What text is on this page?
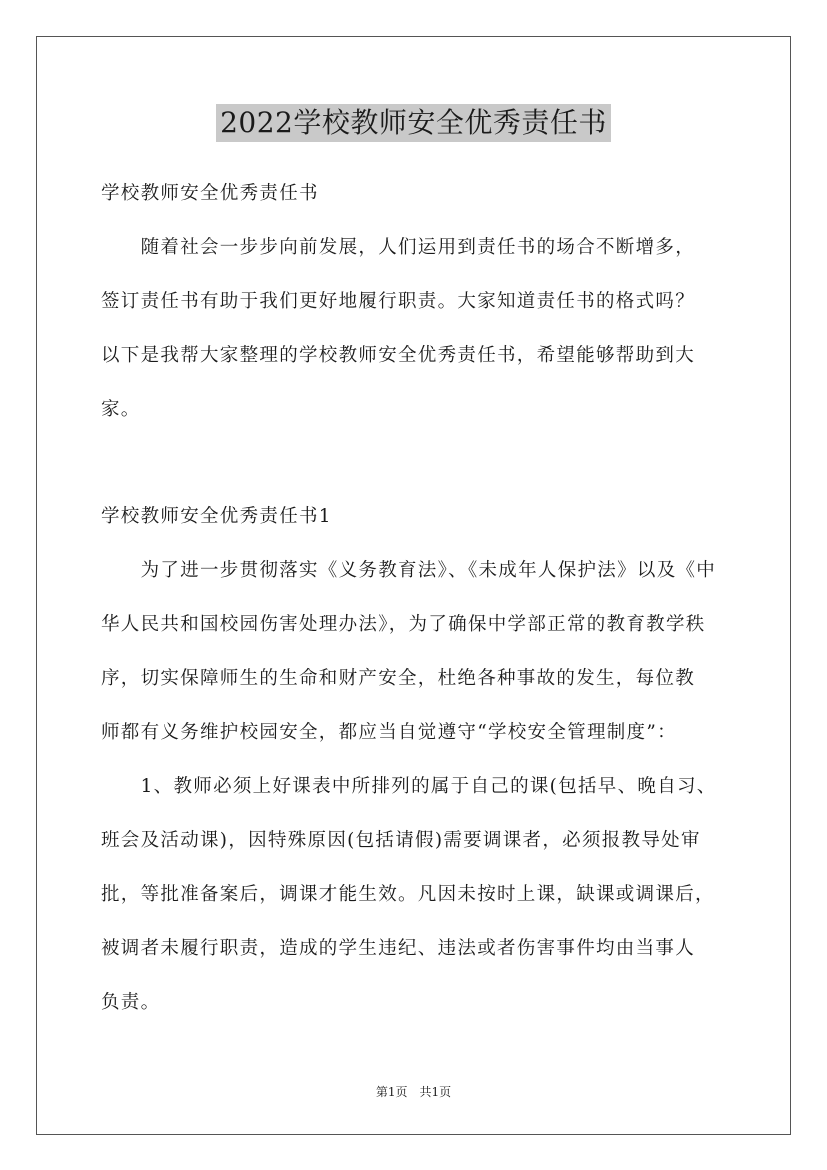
2022学校教师安全优秀责任书
学校教师安全优秀责任书
　　随着社会一步步向前发展，人们运用到责任书的场合不断增多，
签订责任书有助于我们更好地履行职责。大家知道责任书的格式吗？
以下是我帮大家整理的学校教师安全优秀责任书，希望能够帮助到大
家。
学校教师安全优秀责任书1
　　为了进一步贯彻落实《义务教育法》、《未成年人保护法》以及《中
华人民共和国校园伤害处理办法》，为了确保中学部正常的教育教学秩
序，切实保障师生的生命和财产安全，杜绝各种事故的发生，每位教
师都有义务维护校园安全，都应当自觉遵守“学校安全管理制度”：
　　1、教师必须上好课表中所排列的属于自己的课(包括早、晚自习、
班会及活动课)，因特殊原因(包括请假)需要调课者，必须报教导处审
批，等批准备案后，调课才能生效。凡因未按时上课，缺课或调课后，
被调者未履行职责，造成的学生违纪、违法或者伤害事件均由当事人
负责。
第1页　共1页
